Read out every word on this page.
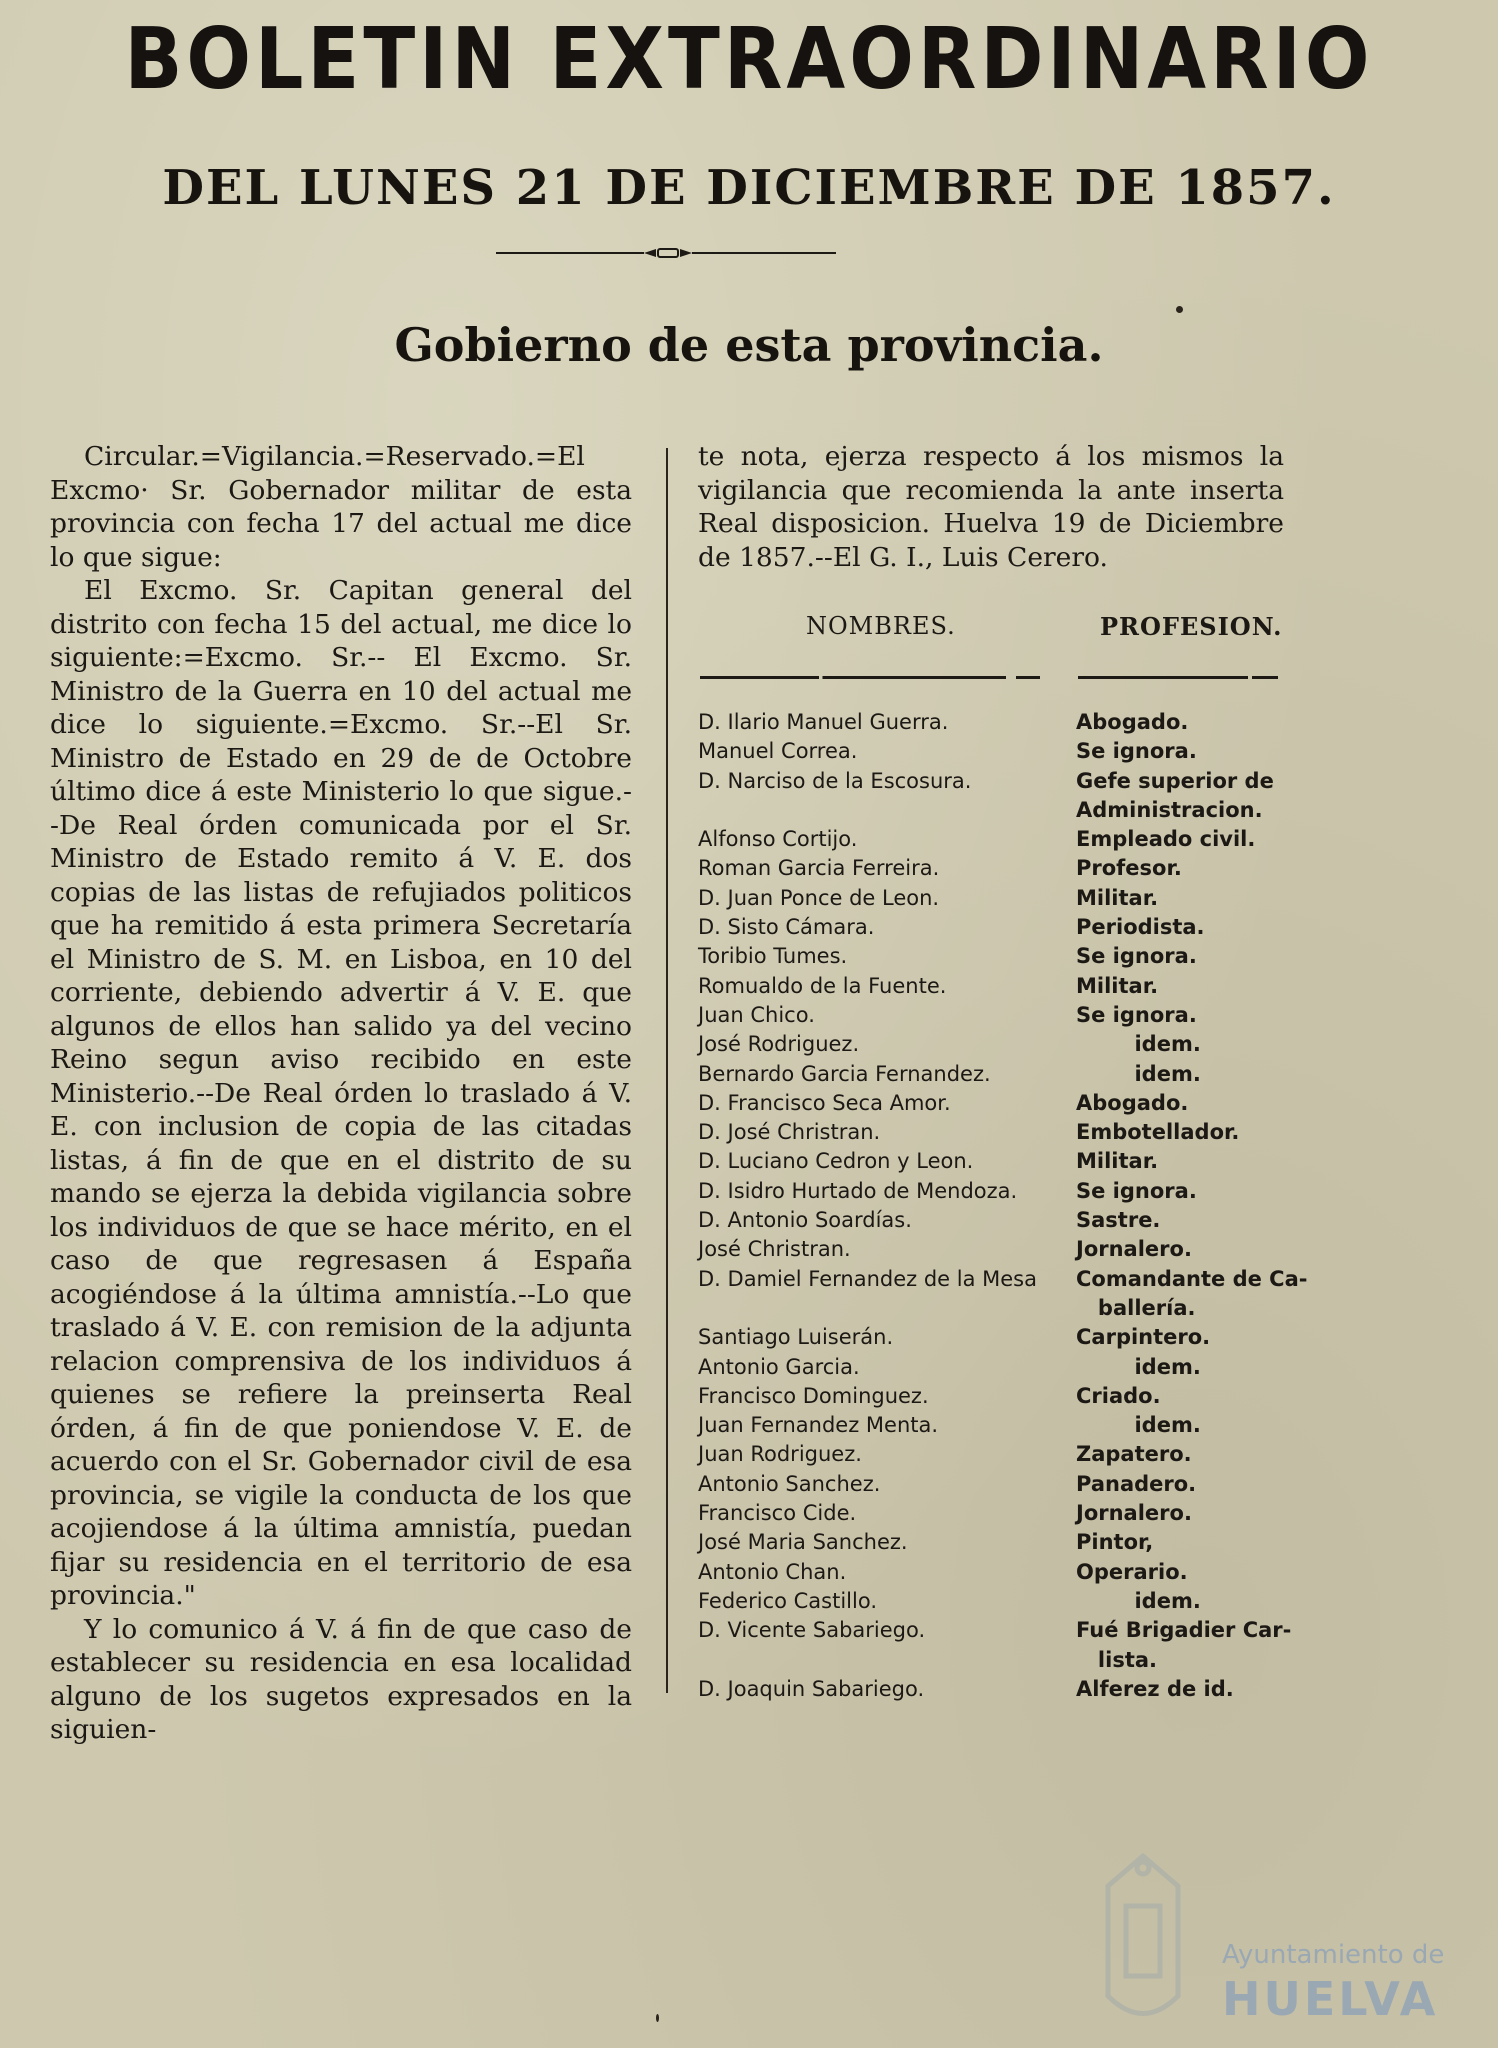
BOLETIN EXTRAORDINARIO
DEL LUNES 21 DE DICIEMBRE DE 1857.
Gobierno de esta provincia.

Circular.=Vigilancia.=Reservado.=El Excmo· Sr. Gobernador militar de esta provincia con fecha 17 del actual me dice lo que sigue:

El Excmo. Sr. Capitan general del distrito con fecha 15 del actual, me dice lo siguiente:=Excmo. Sr.-- El Excmo. Sr. Ministro de la Guerra en 10 del actual me dice lo siguiente.=Excmo. Sr.--El Sr. Ministro de Estado en 29 de de Octobre último dice á este Ministerio lo que sigue.--De Real órden comunicada por el Sr. Ministro de Estado remito á V. E. dos copias de las listas de refujiados politicos que ha remitido á esta primera Secretaría el Ministro de S. M. en Lisboa, en 10 del corriente, debiendo advertir á V. E. que algunos de ellos han salido ya del vecino Reino segun aviso recibido en este Ministerio.--De Real órden lo traslado á V. E. con inclusion de copia de las citadas listas, á fin de que en el distrito de su mando se ejerza la debida vigilancia sobre los individuos de que se hace mérito, en el caso de que regresasen á España acogiéndose á la última amnistía.--Lo que traslado á V. E. con remision de la adjunta relacion comprensiva de los individuos á quienes se refiere la preinserta Real órden, á fin de que poniendose V. E. de acuerdo con el Sr. Gobernador civil de esa provincia, se vigile la conducta de los que acojiendose á la última amnistía, puedan fijar su residencia en el territorio de esa provincia."

Y lo comunico á V. á fin de que caso de establecer su residencia en esa localidad alguno de los sugetos expresados en la siguien-

te nota, ejerza respecto á los mismos la vigilancia que recomienda la ante inserta Real disposicion. Huelva 19 de Diciembre de 1857.--El G. I., Luis Cerero.

NOMBRES.	PROFESION.
D. Ilario Manuel Guerra.	Abogado.
Manuel Correa.	Se ignora.
D. Narciso de la Escosura.	Gefe superior de
Administracion.
Alfonso Cortijo.	Empleado civil.
Roman Garcia Ferreira.	Profesor.
D. Juan Ponce de Leon.	Militar.
D. Sisto Cámara.	Periodista.
Toribio Tumes.	Se ignora.
Romualdo de la Fuente.	Militar.
Juan Chico.	Se ignora.
José Rodriguez.	idem.
Bernardo Garcia Fernandez.	idem.
D. Francisco Seca Amor.	Abogado.
D. José Christran.	Embotellador.
D. Luciano Cedron y Leon.	Militar.
D. Isidro Hurtado de Mendoza.	Se ignora.
D. Antonio Soardías.	Sastre.
José Christran.	Jornalero.
D. Damiel Fernandez de la Mesa	Comandante de Ca-
ballería.
Santiago Luiserán.	Carpintero.
Antonio Garcia.	idem.
Francisco Dominguez.	Criado.
Juan Fernandez Menta.	idem.
Juan Rodriguez.	Zapatero.
Antonio Sanchez.	Panadero.
Francisco Cide.	Jornalero.
José Maria Sanchez.	Pintor,
Antonio Chan.	Operario.
Federico Castillo.	idem.
D. Vicente Sabariego.	Fué Brigadier Car-
lista.
D. Joaquin Sabariego.	Alferez de id.
Ayuntamiento de
HUELVA
